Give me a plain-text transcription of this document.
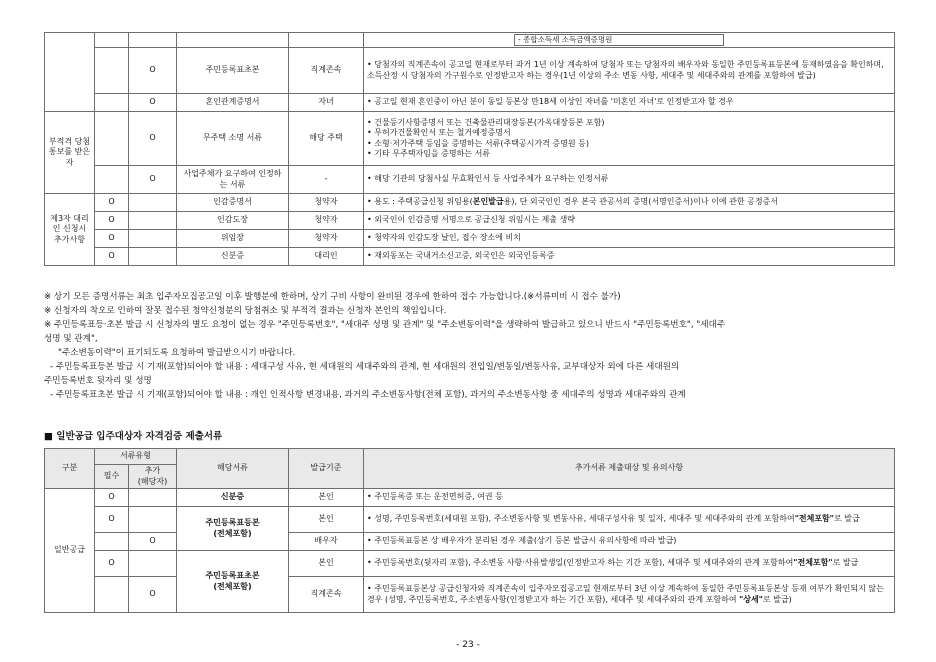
					- 종합소득세 소득금액증명원

		O	주민등록표초본	직계존속	• 당첨자의 직계존속이 공고일 현재로부터 과거 1년 이상 계속하여 당첨자 또는 당첨자의 배우자와 동일한 주민등록표등본에 등재하였음을 확인하며, 소득산정 시 당첨자의 가구원수로 인정받고자 하는 경우(1년 이상의 주소 변동 사항, 세대주 및 세대주와의 관계를 포함하여 발급)
		O	혼인관계증명서	자녀	• 공고일 현재 혼인중이 아닌 분이 동일 등본상 만18세 이상인 자녀를 '미혼인 자녀'로 인정받고자 할 경우
부적격 당첨 통보를 받은 자		O	무주택 소명 서류	해당 주택	• 건물등기사항증명서 또는 건축물관리대장등본(가옥대장등본 포함)

• 무허가건물확인서 또는 철거예정증명서

• 소형·저가주택 등임을 증명하는 서류(주택공시가격 증명원 등)

• 기타 무주택자임을 증명하는 서류

		O	사업주체가 요구하여 인정하는 서류	-	• 해당 기관의 당첨사실 무효확인서 등 사업주체가 요구하는 인정서류
제3자 대리인 신청시 추가사항	O		인감증명서	청약자	• 용도 : 주택공급신청 위임용(본인발급용), 단 외국인인 경우 본국 관공서의 증명(서명인증서)이나 이에 관한 공정증서
	O		인감도장	청약자	• 외국인이 인감증명 서명으로 공급신청 위임시는 제출 생략
	O		위임장	청약자	• 청약자의 인감도장 날인, 접수 장소에 비치
	O		신분증	대리인	• 재외동포는 국내거소신고증, 외국인은 외국인등록증

※ 상기 모든 증명서류는 최초 입주자모집공고일 이후 발행분에 한하며, 상기 구비 사항이 완비된 경우에 한하여 접수 가능합니다.(※서류미비 시 접수 불가)

※ 신청자의 착오로 인하여 잘못 접수된 청약신청분의 당첨취소 및 부적격 결과는 신청자 본인의 책임입니다.

※ 주민등록표등·초본 발급 시 신청자의 별도 요청이 없는 경우 "주민등록번호", "세대주 성명 및 관계" 및 "주소변동이력"을 생략하여 발급하고 있으니 반드시 "주민등록번호", "세대주

성명 및 관계",

"주소변동이력"이 표기되도록 요청하여 발급받으시기 바랍니다.

- 주민등록표등본 발급 시 기재(포함)되어야 할 내용 : 세대구성 사유, 현 세대원의 세대주와의 관계, 현 세대원의 전입일/변동일/변동사유, 교부대상자 외에 다른 세대원의

주민등록번호 뒷자리 및 성명

- 주민등록표초본 발급 시 기재(포함)되어야 할 내용 : 개인 인적사항 변경내용, 과거의 주소변동사항(전체 포함), 과거의 주소변동사항 중 세대주의 성명과 세대주와의 관계

■ 일반공급 입주대상자 자격검증 제출서류
구분	서류유형		해당서류	발급기준	추가서류 제출대상 및 유의사항
	필수	추가
(해당자)			
일반공급	O		신분증	본인	• 주민등록증 또는 운전면허증, 여권 등
	O		주민등록표등본
(전체포함)	본인	• 성명, 주민등록번호(세대원 포함), 주소변동사항 및 변동사유, 세대구성사유 및 일자, 세대주 및 세대주와의 관계 포함하여"전체포함"로 발급
		O		배우자	• 주민등록표등본 상 배우자가 분리된 경우 제출(상기 등본 발급시 유의사항에 따라 발급)
	O		주민등록표초본
(전체포함)	본인	• 주민등록번호(뒷자리 포함), 주소변동 사항·사유발생일(인정받고자 하는 기간 포함), 세대주 및 세대주와의 관계 포함하여"전체포함"로 발급
		O		직계존속	• 주민등록표등본상 공급신청자와 직계존속이 입주자모집공고일 현재로부터 3년 이상 계속하여 동일한 주민등록표등본상 등재 여부가 확인되지 않는 경우 (성명, 주민등록번호, 주소변동사항(인정받고자 하는 기간 포함), 세대주 및 세대주와의 관계 포함하여 "상세"로 발급)
- 23 -
